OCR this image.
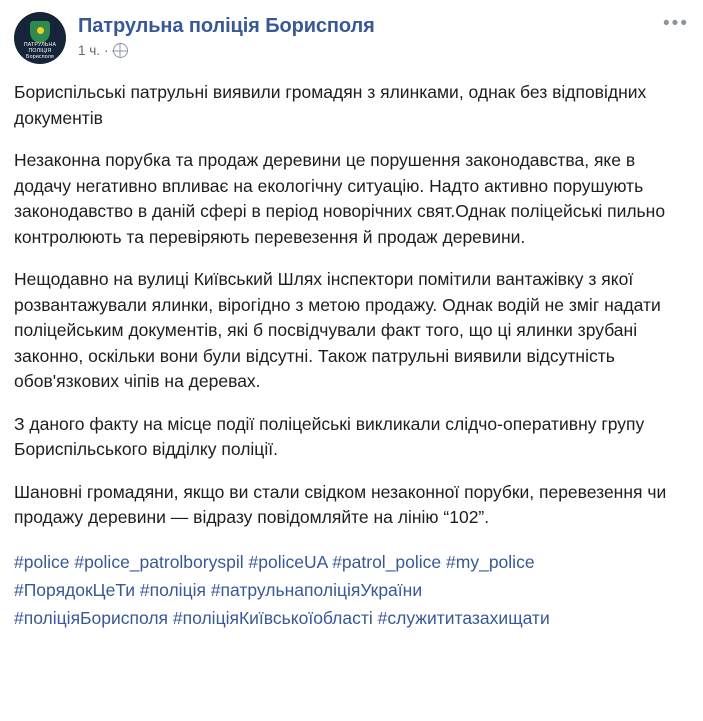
ПАТРУЛЬНА
ПОЛІЦІЯ
Борисполя
Патрульна поліція Борисполя
1 ч. ·
•••

Бориспільські патрульні виявили громадян з ялинками, однак без відповідних документів

Незаконна порубка та продаж деревини це порушення законодавства, яке в додачу негативно впливає на екологічну ситуацію. Надто активно порушують законодавство в даній сфері в період новорічних свят.Однак поліцейські пильно контролюють та перевіряють перевезення й продаж деревини.

Нещодавно на вулиці Київський Шлях інспектори помітили вантажівку з якої розвантажували ялинки, вірогідно з метою продажу. Однак водій не зміг надати поліцейським документів, які б посвідчували факт того, що ці ялинки зрубані законно, оскільки вони були відсутні. Також патрульні виявили відсутність обов'язкових чіпів на деревах.

З даного факту на місце події поліцейські викликали слідчо-оперативну групу Бориспільського відділку поліції.

Шановні громадяни, якщо ви стали свідком незаконної порубки, перевезення чи продажу деревини — відразу повідомляйте на лінію “102”.

#police #police_patrolboryspil #policeUA #patrol_police #my_police
#ПорядокЦеТи #поліція #патрульнаполіціяУкраїни
#поліціяБорисполя #поліціяКиївськоїобласті #служититазахищати
